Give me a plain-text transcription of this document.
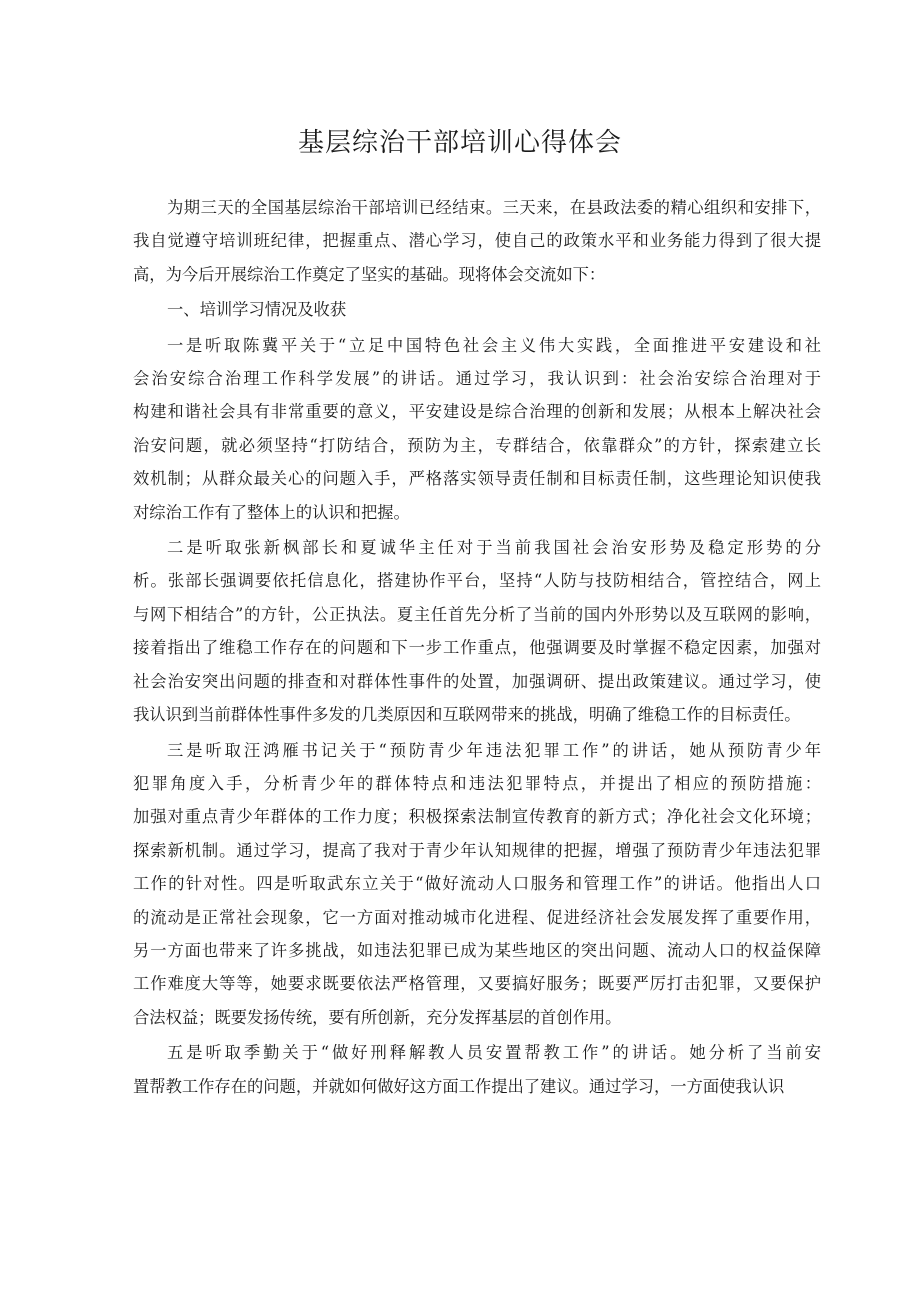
基层综治干部培训心得体会
为期三天的全国基层综治干部培训已经结束。三天来，在县政法委的精心组织和安排下，
我自觉遵守培训班纪律，把握重点、潜心学习，使自己的政策水平和业务能力得到了很大提
高，为今后开展综治工作奠定了坚实的基础。现将体会交流如下：
一、培训学习情况及收获
一是听取陈冀平关于“立足中国特色社会主义伟大实践，全面推进平安建设和社
会治安综合治理工作科学发展”的讲话。通过学习，我认识到：社会治安综合治理对于
构建和谐社会具有非常重要的意义，平安建设是综合治理的创新和发展；从根本上解决社会
治安问题，就必须坚持“打防结合，预防为主，专群结合，依靠群众”的方针，探索建立长
效机制；从群众最关心的问题入手，严格落实领导责任制和目标责任制，这些理论知识使我
对综治工作有了整体上的认识和把握。
二是听取张新枫部长和夏诚华主任对于当前我国社会治安形势及稳定形势的分
析。张部长强调要依托信息化，搭建协作平台，坚持“人防与技防相结合，管控结合，网上
与网下相结合”的方针，公正执法。夏主任首先分析了当前的国内外形势以及互联网的影响，
接着指出了维稳工作存在的问题和下一步工作重点，他强调要及时掌握不稳定因素，加强对
社会治安突出问题的排查和对群体性事件的处置，加强调研、提出政策建议。通过学习，使
我认识到当前群体性事件多发的几类原因和互联网带来的挑战，明确了维稳工作的目标责任。
三是听取汪鸿雁书记关于“预防青少年违法犯罪工作”的讲话，她从预防青少年
犯罪角度入手，分析青少年的群体特点和违法犯罪特点，并提出了相应的预防措施：
加强对重点青少年群体的工作力度；积极探索法制宣传教育的新方式；净化社会文化环境；
探索新机制。通过学习，提高了我对于青少年认知规律的把握，增强了预防青少年违法犯罪
工作的针对性。四是听取武东立关于“做好流动人口服务和管理工作”的讲话。他指出人口
的流动是正常社会现象，它一方面对推动城市化进程、促进经济社会发展发挥了重要作用，
另一方面也带来了许多挑战，如违法犯罪已成为某些地区的突出问题、流动人口的权益保障
工作难度大等等，她要求既要依法严格管理，又要搞好服务；既要严厉打击犯罪，又要保护
合法权益；既要发扬传统，要有所创新，充分发挥基层的首创作用。
五是听取季勤关于“做好刑释解教人员安置帮教工作”的讲话。她分析了当前安
置帮教工作存在的问题，并就如何做好这方面工作提出了建议。通过学习，一方面使我认识
